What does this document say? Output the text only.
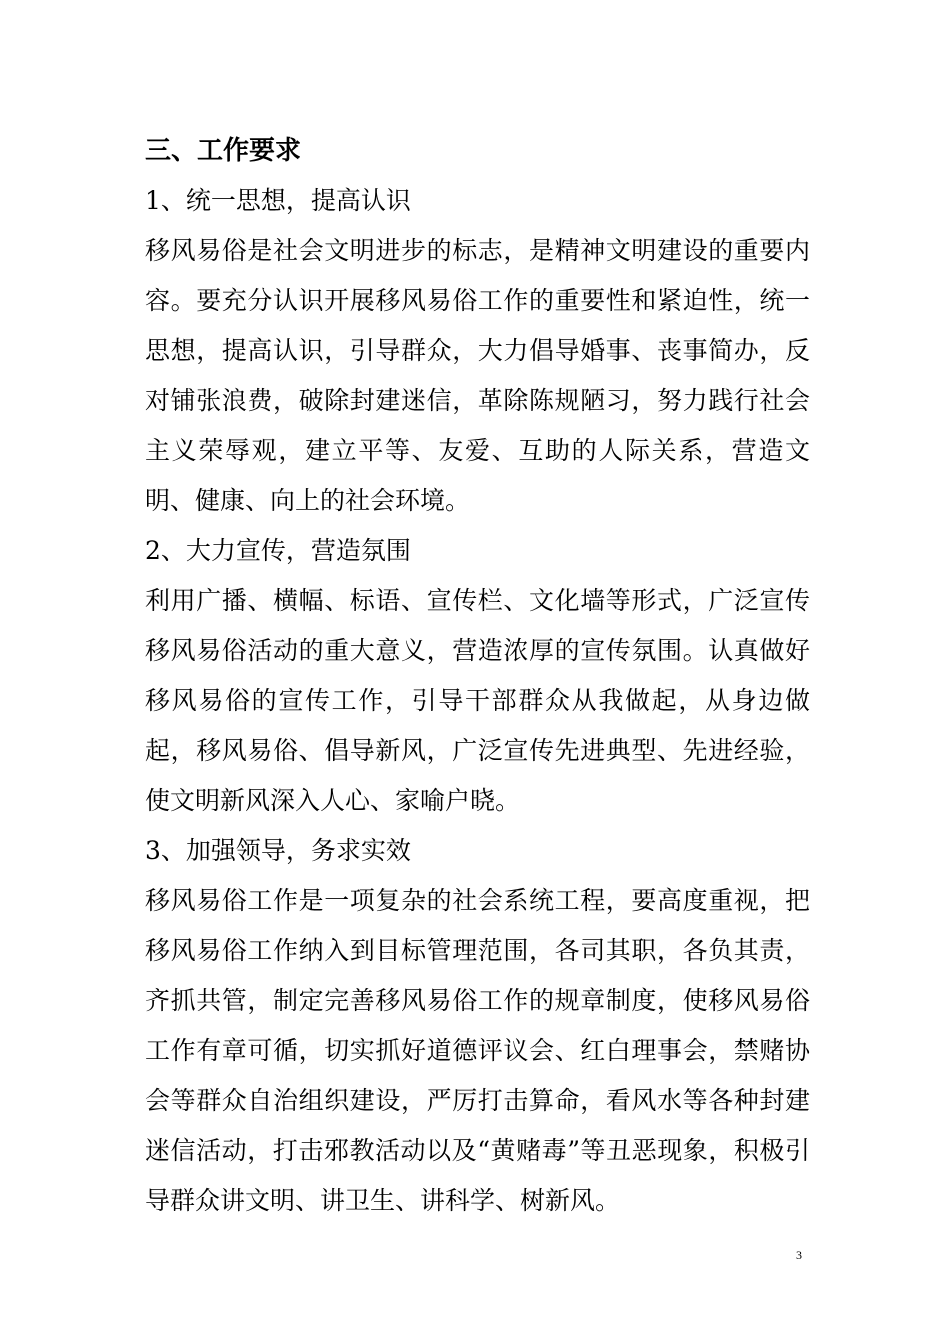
三、工作要求

1、统一思想，提高认识

移风易俗是社会文明进步的标志，是精神文明建设的重要内容。要充分认识开展移风易俗工作的重要性和紧迫性，统一思想，提高认识，引导群众，大力倡导婚事、丧事简办，反对铺张浪费，破除封建迷信，革除陈规陋习，努力践行社会主义荣辱观，建立平等、友爱、互助的人际关系，营造文明、健康、向上的社会环境。

2、大力宣传，营造氛围

利用广播、横幅、标语、宣传栏、文化墙等形式，广泛宣传移风易俗活动的重大意义，营造浓厚的宣传氛围。认真做好移风易俗的宣传工作，引导干部群众从我做起，从身边做起，移风易俗、倡导新风，广泛宣传先进典型、先进经验，使文明新风深入人心、家喻户晓。

3、加强领导，务求实效

移风易俗工作是一项复杂的社会系统工程，要高度重视，把移风易俗工作纳入到目标管理范围，各司其职，各负其责，齐抓共管，制定完善移风易俗工作的规章制度，使移风易俗工作有章可循，切实抓好道德评议会、红白理事会，禁赌协会等群众自治组织建设，严厉打击算命，看风水等各种封建迷信活动，打击邪教活动以及“黄赌毒”等丑恶现象，积极引导群众讲文明、讲卫生、讲科学、树新风。

3
